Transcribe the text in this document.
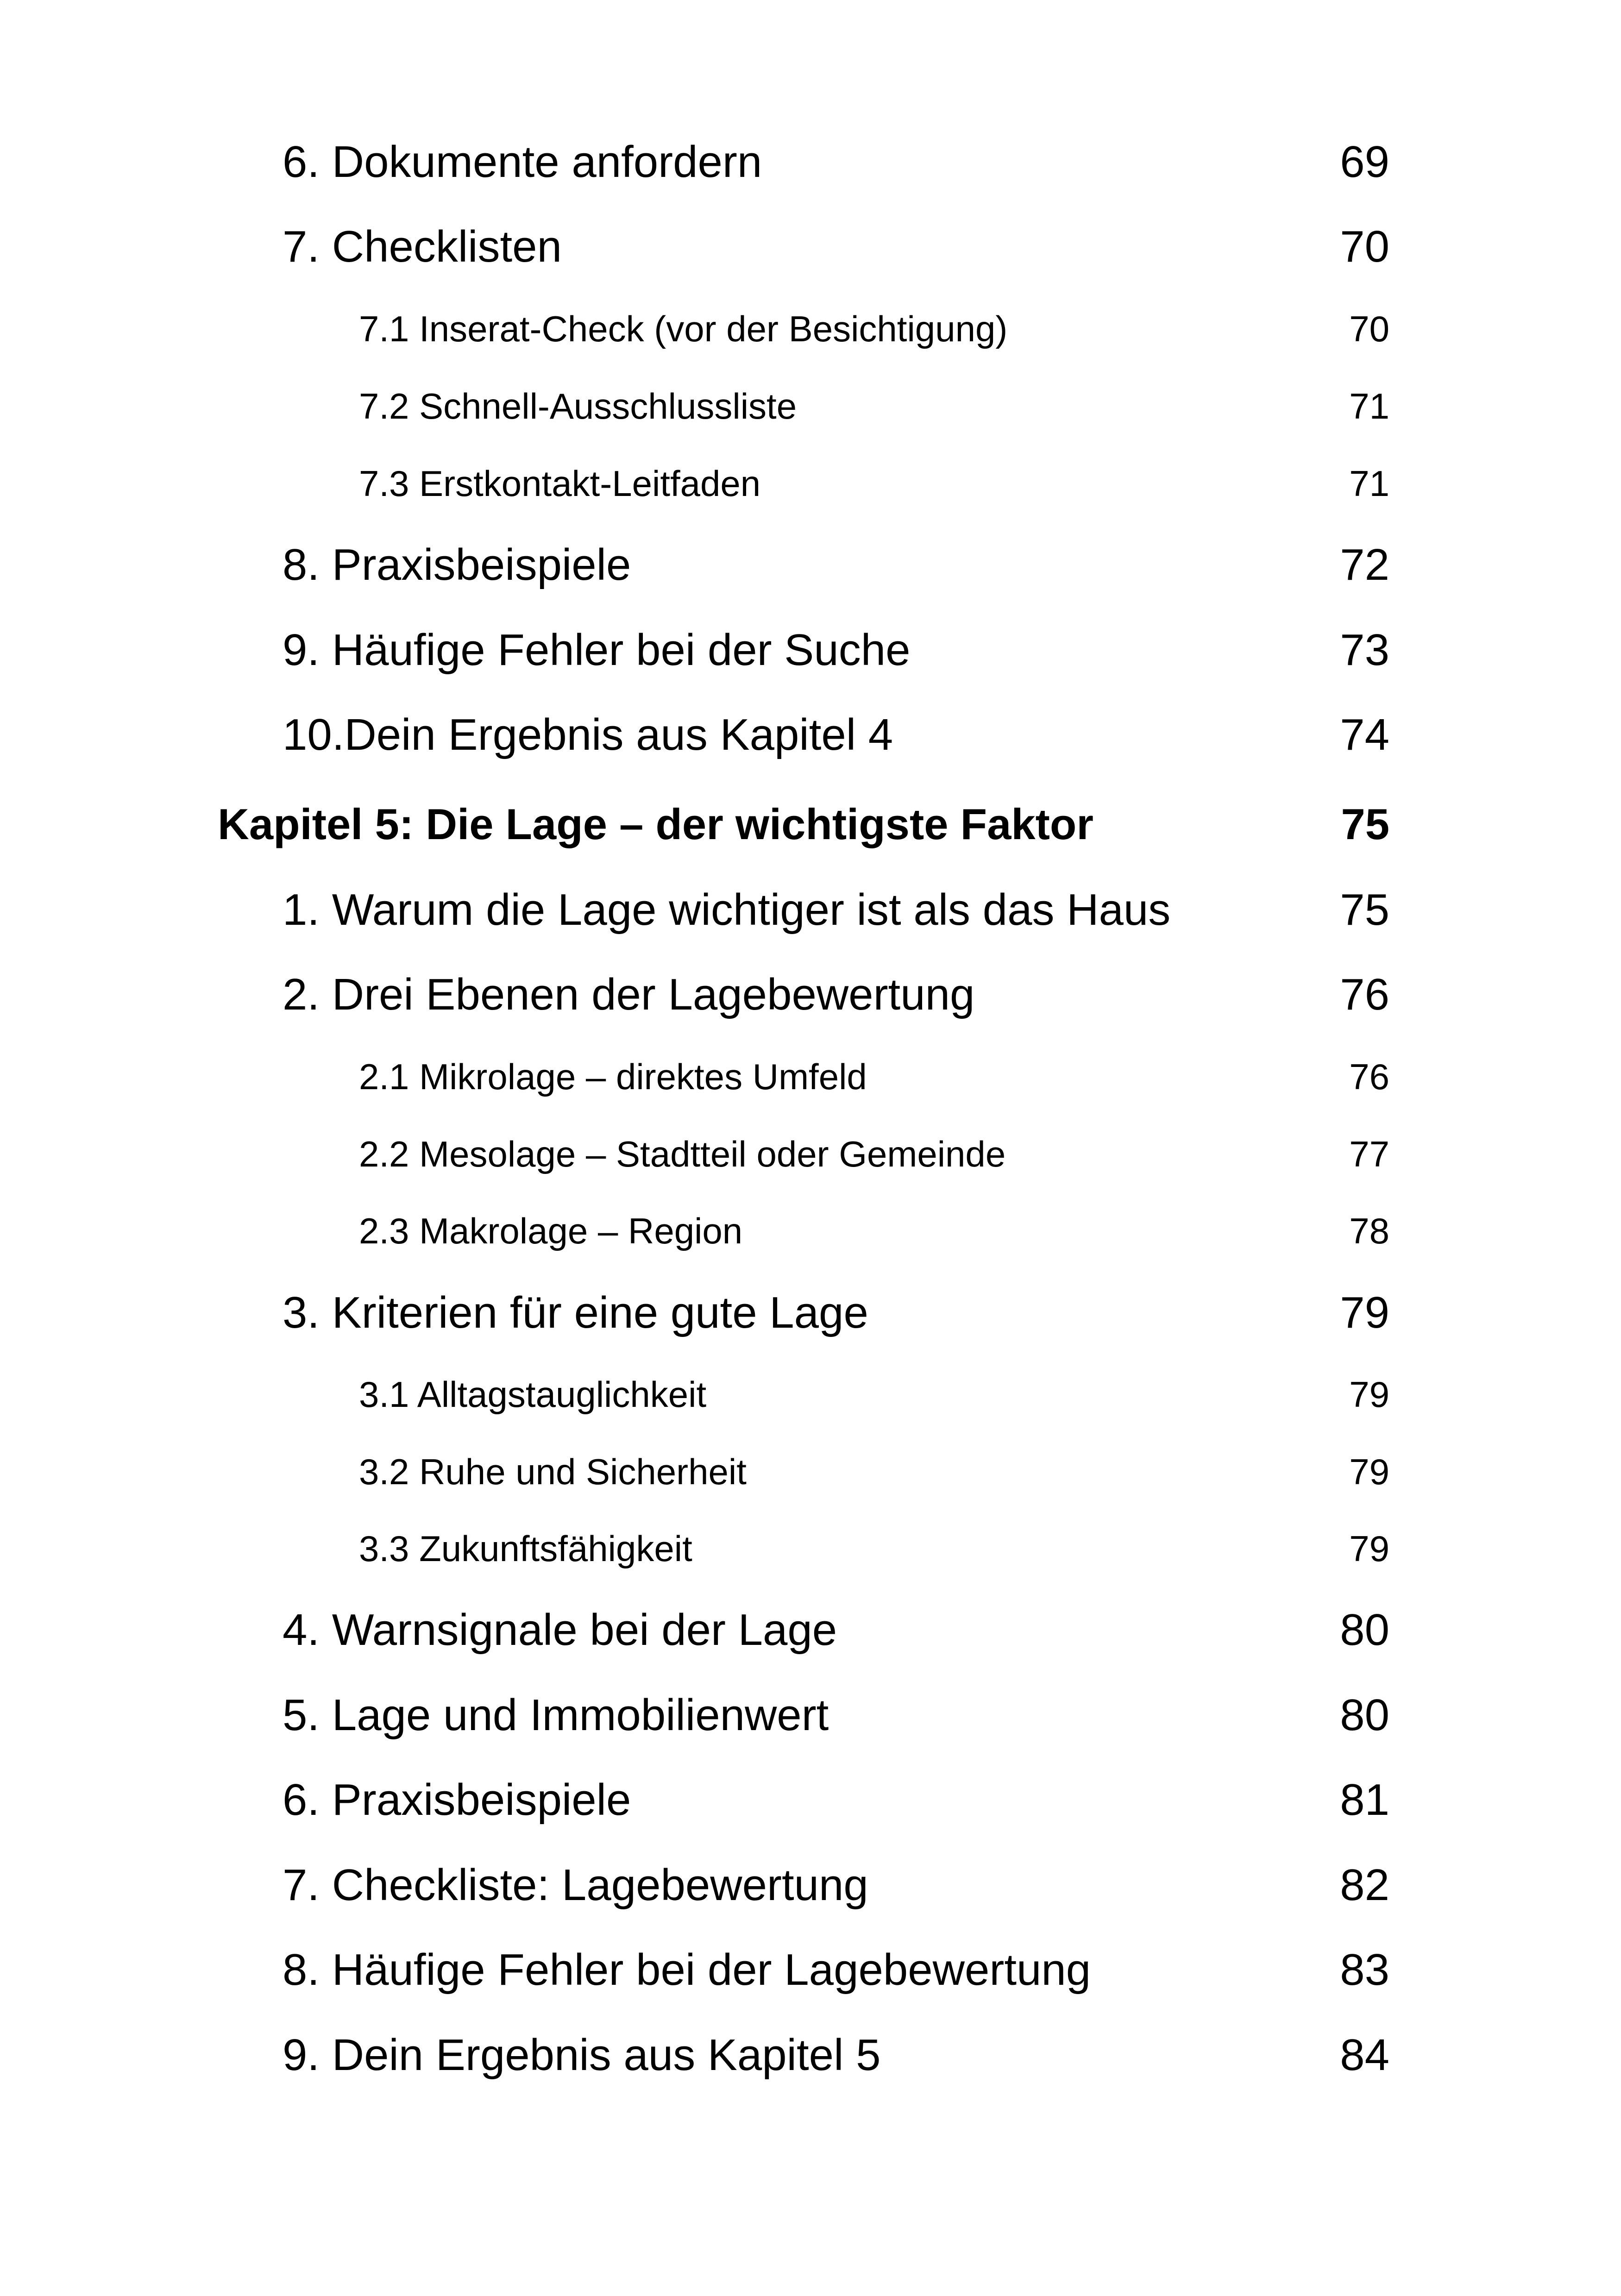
6. Dokumente anfordern	69
7. Checklisten	70
7.1 Inserat-Check (vor der Besichtigung)	70
7.2 Schnell-Ausschlussliste	71
7.3 Erstkontakt-Leitfaden	71
8. Praxisbeispiele	72
9. Häufige Fehler bei der Suche	73
10.Dein Ergebnis aus Kapitel 4	74
Kapitel 5: Die Lage – der wichtigste Faktor	75
1. Warum die Lage wichtiger ist als das Haus	75
2. Drei Ebenen der Lagebewertung	76
2.1 Mikrolage – direktes Umfeld	76
2.2 Mesolage – Stadtteil oder Gemeinde	77
2.3 Makrolage – Region	78
3. Kriterien für eine gute Lage	79
3.1 Alltagstauglichkeit	79
3.2 Ruhe und Sicherheit	79
3.3 Zukunftsfähigkeit	79
4. Warnsignale bei der Lage	80
5. Lage und Immobilienwert	80
6. Praxisbeispiele	81
7. Checkliste: Lagebewertung	82
8. Häufige Fehler bei der Lagebewertung	83
9. Dein Ergebnis aus Kapitel 5	84
